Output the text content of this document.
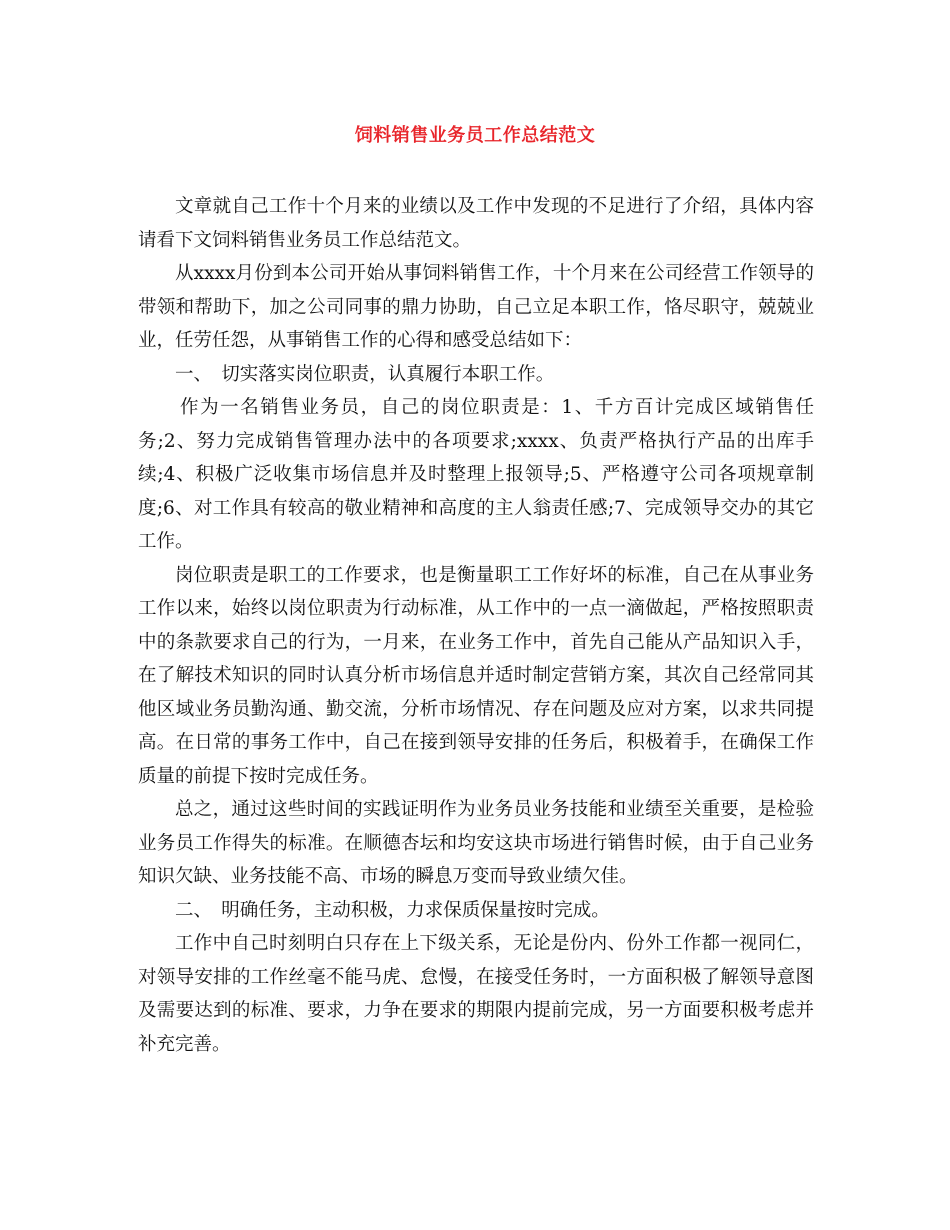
饲料销售业务员工作总结范文

文章就自己工作十个月来的业绩以及工作中发现的不足进行了介绍，具体内容请看下文饲料销售业务员工作总结范文。

从xxxx月份到本公司开始从事饲料销售工作，十个月来在公司经营工作领导的带领和帮助下，加之公司同事的鼎力协助，自己立足本职工作，恪尽职守，兢兢业业，任劳任怨，从事销售工作的心得和感受总结如下：

一、　切实落实岗位职责，认真履行本职工作。

作为一名销售业务员，自己的岗位职责是：1、千方百计完成区域销售任务;2、努力完成销售管理办法中的各项要求;xxxx、负责严格执行产品的出库手续;4、积极广泛收集市场信息并及时整理上报领导;5、严格遵守公司各项规章制度;6、对工作具有较高的敬业精神和高度的主人翁责任感;7、完成领导交办的其它工作。

岗位职责是职工的工作要求，也是衡量职工工作好坏的标准，自己在从事业务工作以来，始终以岗位职责为行动标准，从工作中的一点一滴做起，严格按照职责中的条款要求自己的行为，一月来，在业务工作中，首先自己能从产品知识入手，在了解技术知识的同时认真分析市场信息并适时制定营销方案，其次自己经常同其他区域业务员勤沟通、勤交流，分析市场情况、存在问题及应对方案，以求共同提高。在日常的事务工作中，自己在接到领导安排的任务后，积极着手，在确保工作质量的前提下按时完成任务。

总之，通过这些时间的实践证明作为业务员业务技能和业绩至关重要，是检验业务员工作得失的标准。在顺德杏坛和均安这块市场进行销售时候，由于自己业务知识欠缺、业务技能不高、市场的瞬息万变而导致业绩欠佳。

二、　明确任务，主动积极，力求保质保量按时完成。

工作中自己时刻明白只存在上下级关系，无论是份内、份外工作都一视同仁，对领导安排的工作丝毫不能马虎、怠慢，在接受任务时，一方面积极了解领导意图及需要达到的标准、要求，力争在要求的期限内提前完成，另一方面要积极考虑并补充完善。
